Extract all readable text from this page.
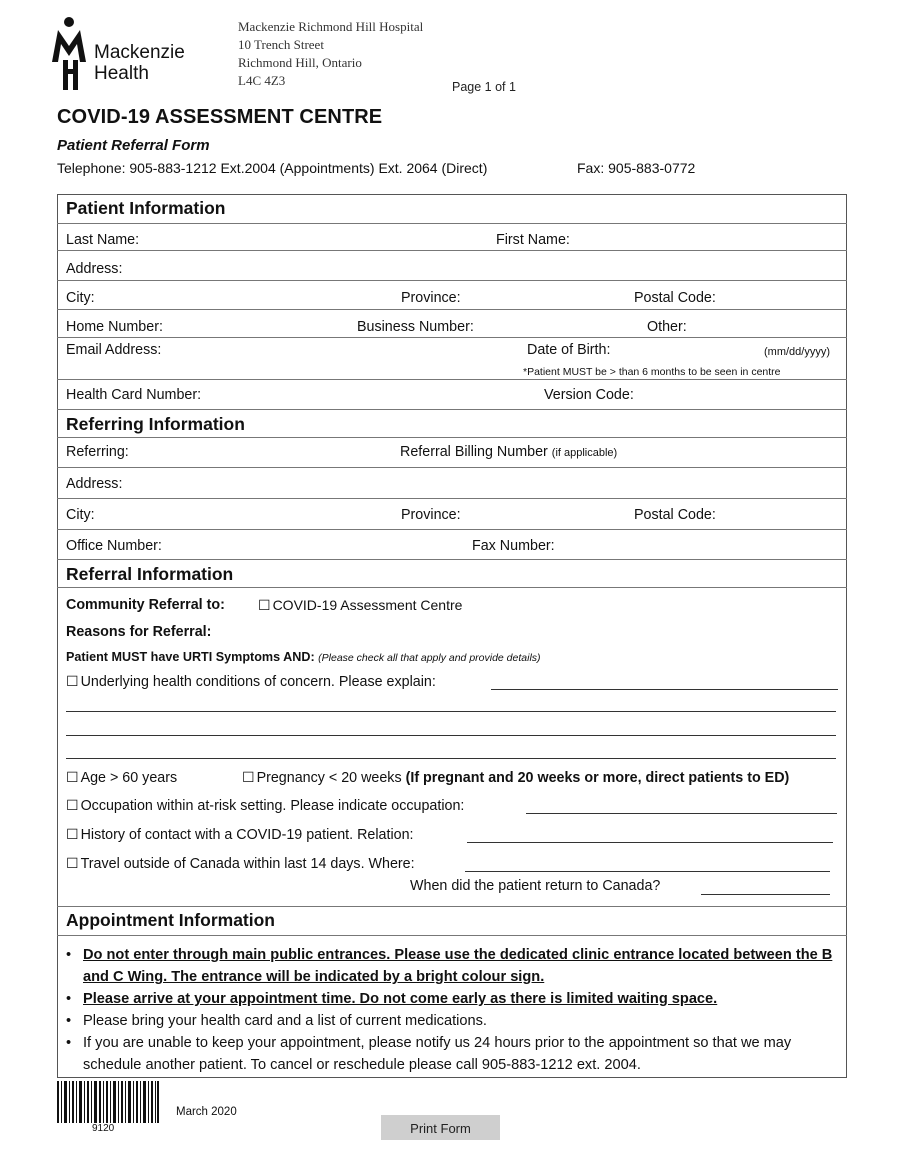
Mackenzie
Health
Mackenzie Richmond Hill Hospital
10 Trench Street
Richmond Hill, Ontario
L4C 4Z3	Page 1 of 1
COVID-19 ASSESSMENT CENTRE
Patient Referral Form
Telephone: 905-883-1212 Ext.2004 (Appointments) Ext. 2064 (Direct)	Fax: 905-883-0772
Patient Information
Last Name:	First Name:
Address:
City:	Province:	Postal Code:
Home Number:	Business Number:	Other:
Email Address:	Date of Birth:	(mm/dd/yyyy)
*Patient MUST be > than 6 months to be seen in centre
Health Card Number:	Version Code:
Referring Information
Referring:	Referral Billing Number (if applicable)
Address:
City:	Province:	Postal Code:
Office Number:	Fax Number:
Referral Information
Community Referral to: ☐ COVID-19 Assessment Centre
Reasons for Referral:
Patient MUST have URTI Symptoms AND: (Please check all that apply and provide details)
☐ Underlying health conditions of concern. Please explain:
☐ Age > 60 years	☐ Pregnancy < 20 weeks (If pregnant and 20 weeks or more, direct patients to ED)
☐ Occupation within at-risk setting. Please indicate occupation:
☐ History of contact with a COVID-19 patient. Relation:
☐ Travel outside of Canada within last 14 days. Where:
When did the patient return to Canada?
Appointment Information
• Do not enter through main public entrances. Please use the dedicated clinic entrance located between the B and C Wing. The entrance will be indicated by a bright colour sign.
• Please arrive at your appointment time. Do not come early as there is limited waiting space.
• Please bring your health card and a list of current medications.
• If you are unable to keep your appointment, please notify us 24 hours prior to the appointment so that we may schedule another patient. To cancel or reschedule please call 905-883-1212 ext. 2004.
9120
March 2020
Print Form
